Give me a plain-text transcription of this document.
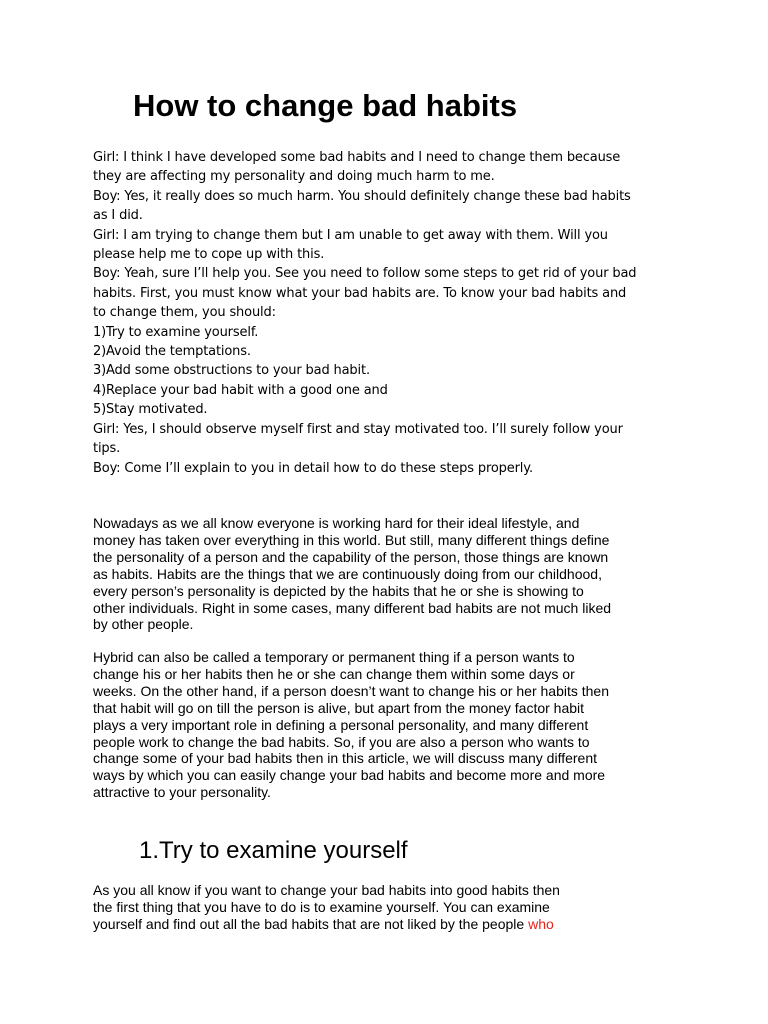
How to change bad habits
Girl: I think I have developed some bad habits and I need to change them because
they are affecting my personality and doing much harm to me.
Boy: Yes, it really does so much harm. You should definitely change these bad habits
as I did.
Girl: I am trying to change them but I am unable to get away with them. Will you
please help me to cope up with this.
Boy: Yeah, sure I’ll help you. See you need to follow some steps to get rid of your bad
habits. First, you must know what your bad habits are. To know your bad habits and
to change them, you should:
1)Try to examine yourself.
2)Avoid the temptations.
3)Add some obstructions to your bad habit.
4)Replace your bad habit with a good one and
5)Stay motivated.
Girl: Yes, I should observe myself first and stay motivated too. I’ll surely follow your
tips.
Boy: Come I’ll explain to you in detail how to do these steps properly.
Nowadays as we all know everyone is working hard for their ideal lifestyle, and
money has taken over everything in this world. But still, many different things define
the personality of a person and the capability of the person, those things are known
as habits. Habits are the things that we are continuously doing from our childhood,
every person’s personality is depicted by the habits that he or she is showing to
other individuals. Right in some cases, many different bad habits are not much liked
by other people.
Hybrid can also be called a temporary or permanent thing if a person wants to
change his or her habits then he or she can change them within some days or
weeks. On the other hand, if a person doesn’t want to change his or her habits then
that habit will go on till the person is alive, but apart from the money factor habit
plays a very important role in defining a personal personality, and many different
people work to change the bad habits. So, if you are also a person who wants to
change some of your bad habits then in this article, we will discuss many different
ways by which you can easily change your bad habits and become more and more
attractive to your personality.
1.Try to examine yourself
As you all know if you want to change your bad habits into good habits then
the first thing that you have to do is to examine yourself. You can examine
yourself and find out all the bad habits that are not liked by the people who
